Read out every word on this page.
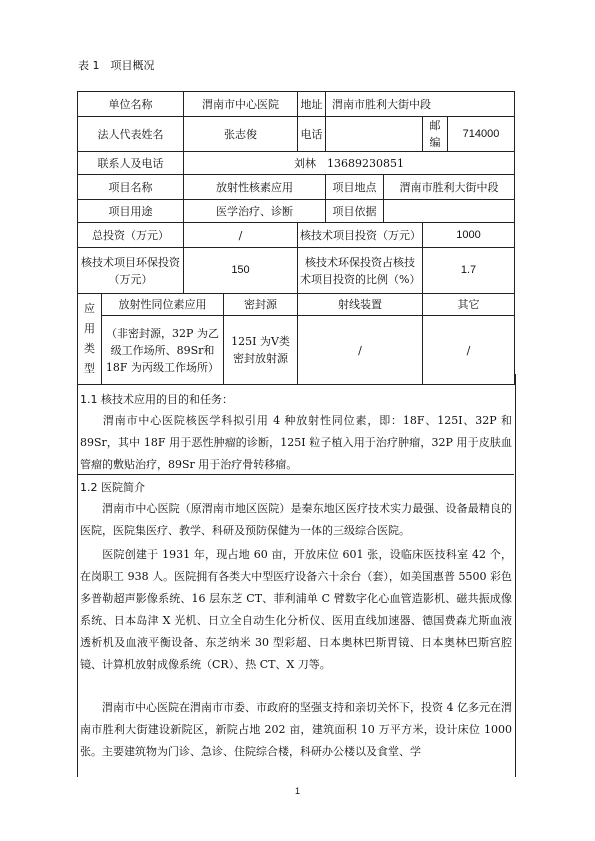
表 1　项目概况
单位名称		渭南市中心医院		地址	渭南市胜利大街中段			
法人代表姓名		张志俊		电话			邮编	714000
联系人及电话		刘林　13689230851						
项目名称		放射性核素应用			项目地点	渭南市胜利大街中段		
项目用途		医学治疗、诊断			项目依据			
总投资（万元）		/		核技术项目投资（万元）			1000	
核技术项目环保投资（万元）		150		核技术环保投资占核技术项目投资的比例（%）			1.7	
应用类型	放射性同位素应用		密封源	射线装置			其它	
	（非密封源，32P 为乙级工作场所、89Sr和 18F 为丙级工作场所）		125I 为Ⅴ类密封放射源	/			/	
1.1 核技术应用的目的和任务：
渭南市中心医院核医学科拟引用 4 种放射性同位素，即：18F、125I、32P 和 89Sr，其中 18F 用于恶性肿瘤的诊断，125I 粒子植入用于治疗肿瘤，32P 用于皮肤血管瘤的敷贴治疗，89Sr 用于治疗骨转移瘤。
1.2 医院简介
渭南市中心医院（原渭南市地区医院）是秦东地区医疗技术实力最强、设备最精良的医院，医院集医疗、教学、科研及预防保健为一体的三级综合医院。
医院创建于 1931 年，现占地 60 亩，开放床位 601 张，设临床医技科室 42 个，在岗职工 938 人。医院拥有各类大中型医疗设备六十余台（套），如美国惠普 5500 彩色多普勒超声影像系统、16 层东芝 CT、菲利浦单 C 臂数字化心血管造影机、磁共振成像系统、日本岛津 X 光机、日立全自动生化分析仪、医用直线加速器、德国费森尤斯血液透析机及血液平衡设备、东芝纳米 30 型彩超、日本奥林巴斯胃镜、日本奥林巴斯宫腔镜、计算机放射成像系统（CR）、热 CT、X 刀等。
渭南市中心医院在渭南市市委、市政府的坚强支持和亲切关怀下，投资 4 亿多元在渭南市胜利大街建设新院区，新院占地 202 亩，建筑面积 10 万平方米，设计床位 1000 张。主要建筑物为门诊、急诊、住院综合楼，科研办公楼以及食堂、学
1
